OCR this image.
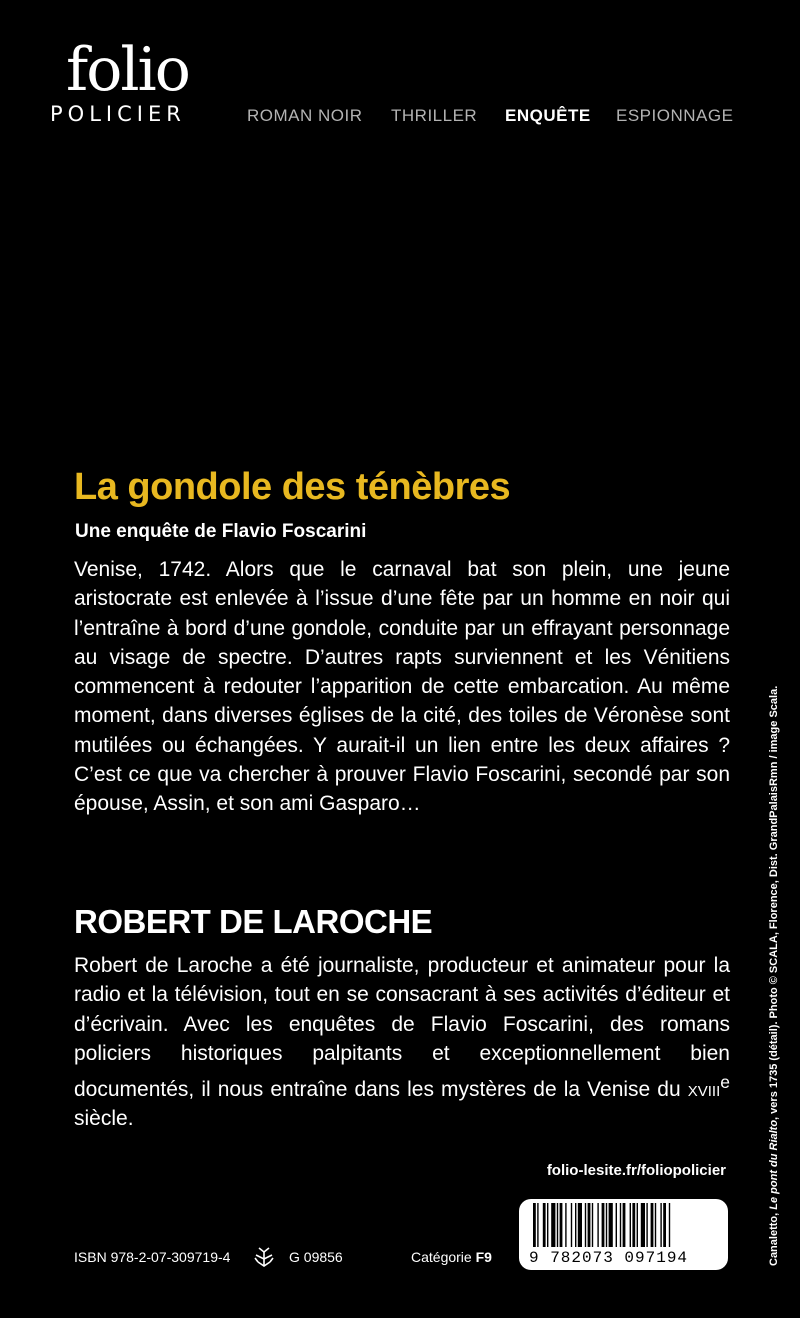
folio
POLICIER	ROMAN NOIR THRILLER ENQUÊTE ESPIONNAGE
La gondole des ténèbres
Une enquête de Flavio Foscarini
Venise, 1742. Alors que le carnaval bat son plein, une jeune aristocrate est enlevée à l’issue d’une fête par un homme en noir qui l’entraîne à bord d’une gondole, conduite par un effrayant personnage au visage de spectre. D’autres rapts surviennent et les Vénitiens commencent à redouter l’apparition de cette embarcation. Au même moment, dans diverses églises de la cité, des toiles de Véronèse sont mutilées ou échangées. Y aurait-il un lien entre les deux affaires ? C’est ce que va chercher à prouver Flavio Foscarini, secondé par son épouse, Assin, et son ami Gasparo…
ROBERT DE LAROCHE
Robert de Laroche a été journaliste, producteur et animateur pour la radio et la télévision, tout en se consacrant à ses activités d’éditeur et d’écrivain. Avec les enquêtes de Flavio Foscarini, des romans policiers historiques palpitants et exceptionnellement bien documentés, il nous entraîne dans les mystères de la Venise du xviii$^e$ siècle.
folio-lesite.fr/foliopolicier
ISBN 978-2-07-309719-4	G 09856	Catégorie F9 9 782073 097194	Canaletto, Le pont du Rialto, vers 1735 (détail). Photo © SCALA, Florence, Dist. GrandPalaisRmn / image Scala.
